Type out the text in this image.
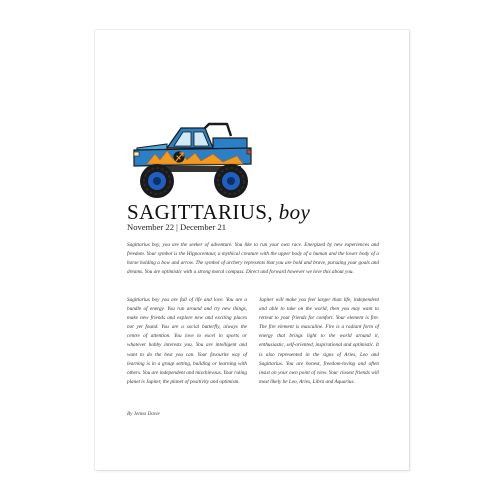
SAGITTARIUS, boy
November 22 | December 21

Sagittarius boy, you are the seeker of adventure. You like to run your own race. Energized by new experiences and freedom. Your symbol is the Hippocentaur, a mythical creature with the upper body of a human and the lower body of a horse holding a bow and arrow. The symbol of archery represents that you are bold and brave, pursuing your goals and dreams. You are optimistic with a strong moral compass. Direct and forward however we love this about you.

Sagittarius boy you are full of life and love. You are a bundle of energy. You run around and try new things, make new friends and explore new and exciting places not yet found. You are a social butterfly, always the centre of attention. You love to excel in sports or whatever hobby interests you. You are intelligent and want to do the best you can. Your favourite way of learning is in a group setting, building or learning with others. You are independent and mischievous. Your ruling planet is Jupiter, the planet of positivity and optimism.

Jupiter will make you feel larger than life, independent and able to take on the world, then you may want to retreat to your friends for comfort. Your element is fire. The fire element is masculine. Fire is a radiant form of energy that brings light to the world around it, enthusiastic, self-oriented, inspirational and optimistic. It is also represented in the signs of Aries, Leo and Sagittarius. You are honest, freedom-loving and often insist on your own point of view. Your closest friends will most likely be Leo, Aries, Libra and Aquarius.

By Jenna Davie
